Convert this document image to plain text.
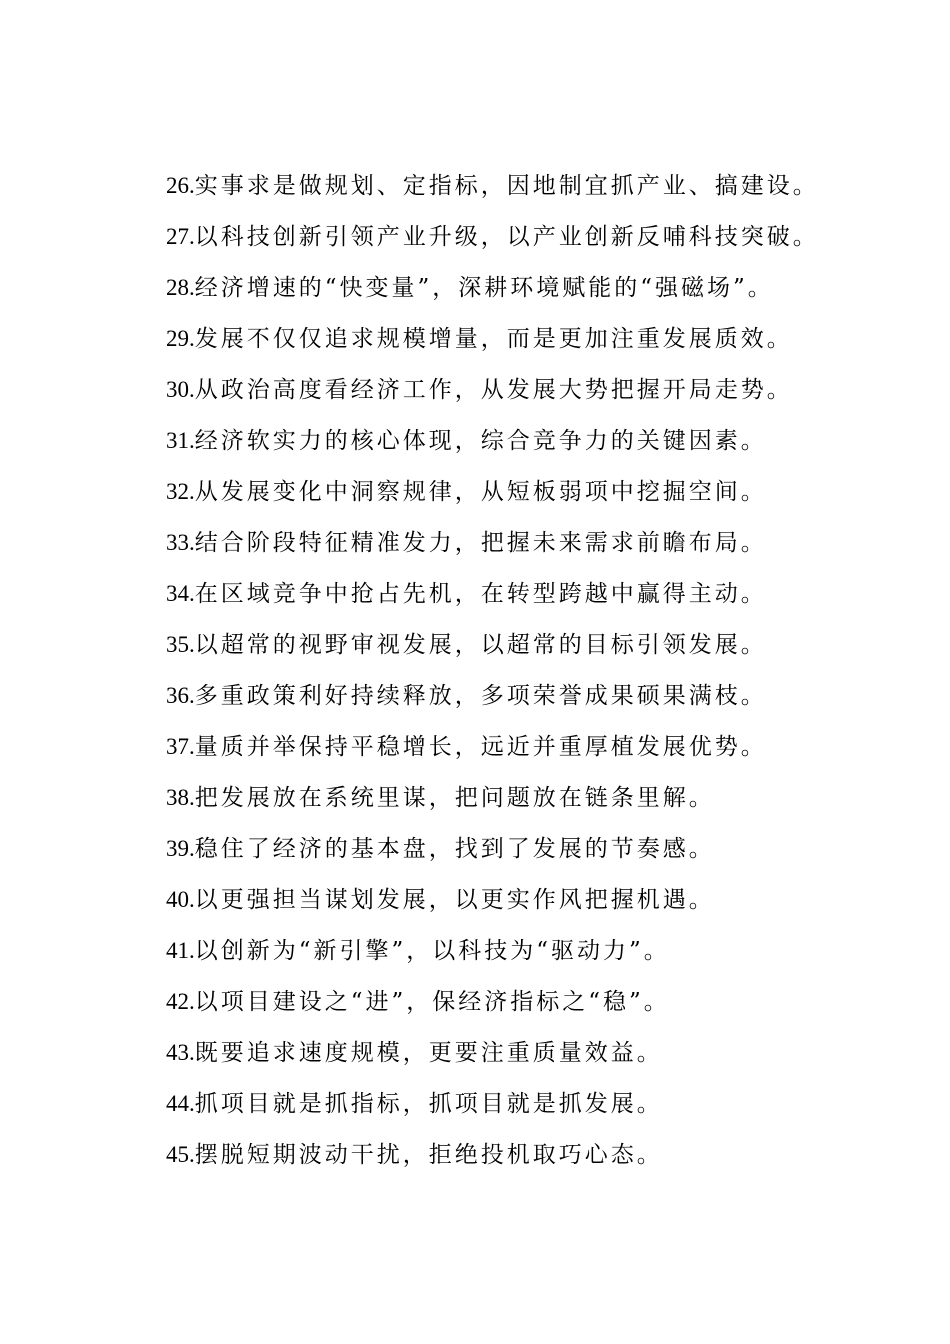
26.实事求是做规划、定指标，因地制宜抓产业、搞建设。
27.以科技创新引领产业升级，以产业创新反哺科技突破。
28.经济增速的“快变量”，深耕环境赋能的“强磁场”。
29.发展不仅仅追求规模增量，而是更加注重发展质效。
30.从政治高度看经济工作，从发展大势把握开局走势。
31.经济软实力的核心体现，综合竞争力的关键因素。
32.从发展变化中洞察规律，从短板弱项中挖掘空间。
33.结合阶段特征精准发力，把握未来需求前瞻布局。
34.在区域竞争中抢占先机，在转型跨越中赢得主动。
35.以超常的视野审视发展，以超常的目标引领发展。
36.多重政策利好持续释放，多项荣誉成果硕果满枝。
37.量质并举保持平稳增长，远近并重厚植发展优势。
38.把发展放在系统里谋，把问题放在链条里解。
39.稳住了经济的基本盘，找到了发展的节奏感。
40.以更强担当谋划发展，以更实作风把握机遇。
41.以创新为“新引擎”，以科技为“驱动力”。
42.以项目建设之“进”，保经济指标之“稳”。
43.既要追求速度规模，更要注重质量效益。
44.抓项目就是抓指标，抓项目就是抓发展。
45.摆脱短期波动干扰，拒绝投机取巧心态。
